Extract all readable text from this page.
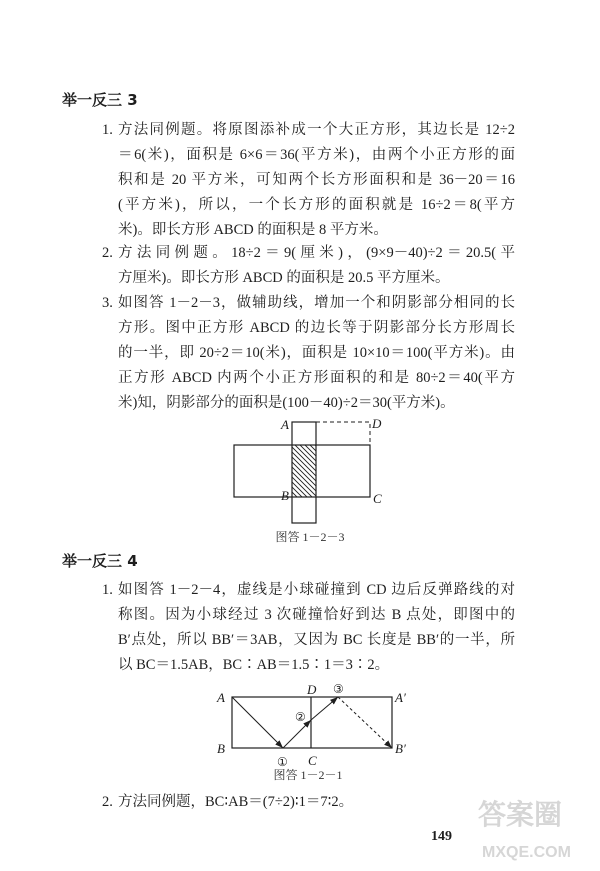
举一反三 3
1. 方法同例题。将原图添补成一个大正方形，其边长是 12÷2
＝6(米)，面积是 6×6＝36(平方米)，由两个小正方形的面
积和是 20 平方米，可知两个长方形面积和是 36－20＝16
(平方米)，所以，一个长方形的面积就是 16÷2＝8(平方
米)。即长方形 ABCD 的面积是 8 平方米。
2. 方法同例题。18÷2＝9(厘米)，(9×9－40)÷2＝20.5(平
方厘米)。即长方形 ABCD 的面积是 20.5 平方厘米。
3. 如图答 1－2－3，做辅助线，增加一个和阴影部分相同的长
方形。图中正方形 ABCD 的边长等于阴影部分长方形周长
的一半，即 20÷2＝10(米)，面积是 10×10＝100(平方米)。由
正方形 ABCD 内两个小正方形面积的和是 80÷2＝40(平方
米)知，阴影部分的面积是(100－40)÷2＝30(平方米)。
A	D
B	C
图答 1－2－3
举一反三 4
1. 如图答 1－2－4，虚线是小球碰撞到 CD 边后反弹路线的对
称图。因为小球经过 3 次碰撞恰好到达 B 点处，即图中的
B′点处，所以 BB′＝3AB，又因为 BC 长度是 BB′的一半，所
以 BC＝1.5AB，BC∶AB＝1.5∶1＝3∶2。
A
B
D
C
A′
B′
①
②
③
图答 1－2－1
2. 方法同例题，BC∶AB＝(7÷2)∶1＝7∶2。
149
答案圈
MXQE.COM
